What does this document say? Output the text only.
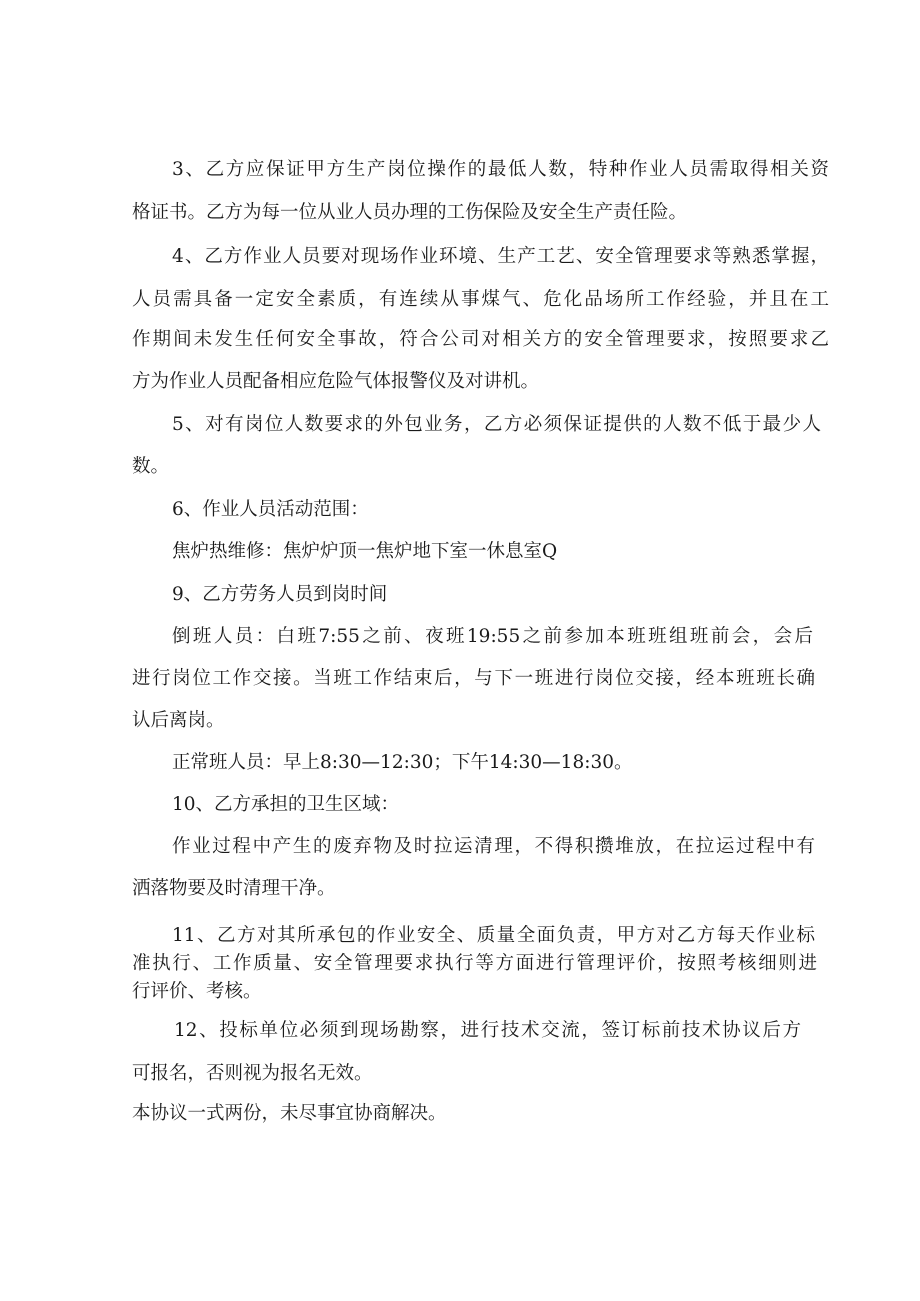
3、乙方应保证甲方生产岗位操作的最低人数，特种作业人员需取得相关资
格证书。乙方为每一位从业人员办理的工伤保险及安全生产责任险。
4、乙方作业人员要对现场作业环境、生产工艺、安全管理要求等熟悉掌握，
人员需具备一定安全素质，有连续从事煤气、危化品场所工作经验，并且在工
作期间未发生任何安全事故，符合公司对相关方的安全管理要求，按照要求乙
方为作业人员配备相应危险气体报警仪及对讲机。
5、对有岗位人数要求的外包业务，乙方必须保证提供的人数不低于最少人
数。
6、作业人员活动范围：
焦炉热维修：焦炉炉顶一焦炉地下室一休息室Q
9、乙方劳务人员到岗时间
倒班人员：白班7:55之前、夜班19:55之前参加本班班组班前会，会后
进行岗位工作交接。当班工作结束后，与下一班进行岗位交接，经本班班长确
认后离岗。
正常班人员：早上8:30—12:30；下午14:30—18:30。
10、乙方承担的卫生区域：
作业过程中产生的废弃物及时拉运清理，不得积攒堆放，在拉运过程中有
洒落物要及时清理干净。
11、乙方对其所承包的作业安全、质量全面负责，甲方对乙方每天作业标
准执行、工作质量、安全管理要求执行等方面进行管理评价，按照考核细则进
行评价、考核。
12、投标单位必须到现场勘察，进行技术交流，签订标前技术协议后方
可报名，否则视为报名无效。
本协议一式两份，未尽事宜协商解决。
